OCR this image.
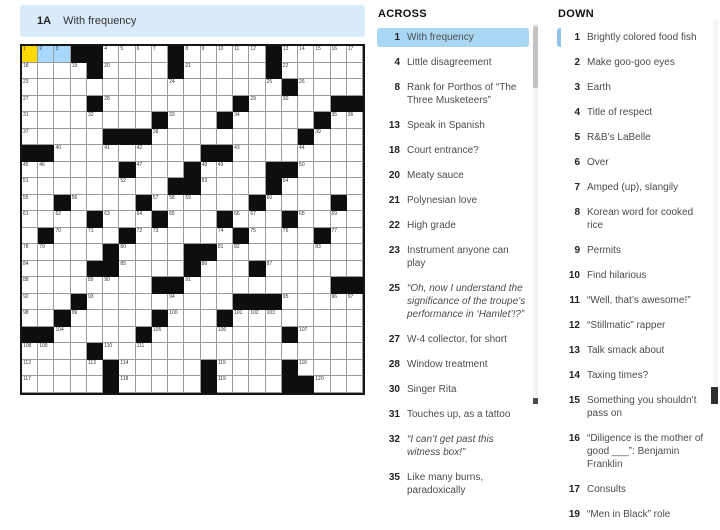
1A With frequency
1	2	3	4	5	6	7	8	9	10 11 12	13 14 15 16 17
18	19	20	21	22
23	24	25	26
27	28	29	30
31	32	33	34	35 36
37	38	39
40	41	42	43	44
45 46	47	48 49	50
51	52	53	54
55	56	57 58 59	60
61	62	63	64	65	66 67	68	69
70	71	72 73	74	75	76	77
78 79	80	81 82	83
84	85	86	87
88	89 90	91
92	93	94	95	96 97
98	99	100	101 102 103
104	105	106	107
108 109	110	111
112	113	114	115	116
117	118	119	120
ACROSS
1 With frequency
4 Little disagreement
8 Rank for Porthos of “The Three Musketeers”
13 Speak in Spanish
18 Court entrance?
20 Meaty sauce
21 Polynesian love
22 High grade
23 Instrument anyone can play
25 “Oh, now I understand the significance of the troupe’s performance in ‘Hamlet’!?”
27 W-4 collector, for short
28 Window treatment
30 Singer Rita
31 Touches up, as a tattoo
32 “I can’t get past this witness box!”
35 Like many burns, paradoxically
DOWN
1 Brightly colored food fish
2 Make goo-goo eyes
3 Earth
4 Title of respect
5 R&B’s LaBelle
6 Over
7 Amped (up), slangily
8 Korean word for cooked rice
9 Permits
10 Find hilarious
11 “Well, that’s awesome!”
12 “Stillmatic” rapper
13 Talk smack about
14 Taxing times?
15 Something you shouldn’t pass on
16 “Diligence is the mother of good ___”: Benjamin Franklin
17 Consults
19 “Men in Black” role
